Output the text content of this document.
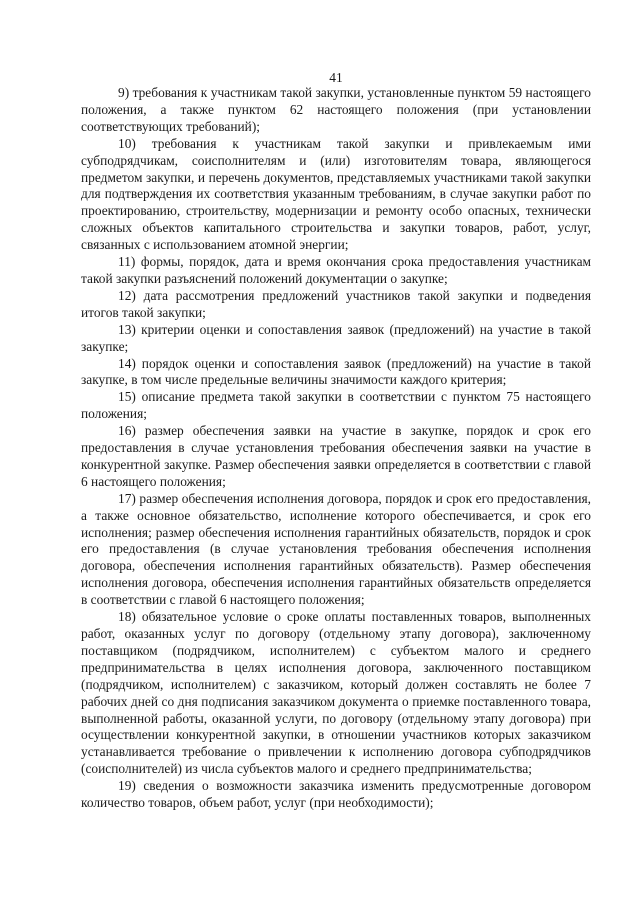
41

9) требования к участникам такой закупки, установленные пунктом 59 настоящего положения, а также пунктом 62 настоящего положения (при установлении соответствующих требований);

10) требования к участникам такой закупки и привлекаемым ими субподрядчикам, соисполнителям и (или) изготовителям товара, являющегося предметом закупки, и перечень документов, представляемых участниками такой закупки для подтверждения их соответствия указанным требованиям, в случае закупки работ по проектированию, строительству, модернизации и ремонту особо опасных, технически сложных объектов капитального строительства и закупки товаров, работ, услуг, связанных с использованием атомной энергии;

11) формы, порядок, дата и время окончания срока предоставления участникам такой закупки разъяснений положений документации о закупке;

12) дата рассмотрения предложений участников такой закупки и подведения итогов такой закупки;

13) критерии оценки и сопоставления заявок (предложений) на участие в такой закупке;

14) порядок оценки и сопоставления заявок (предложений) на участие в такой закупке, в том числе предельные величины значимости каждого критерия;

15) описание предмета такой закупки в соответствии с пунктом 75 настоящего положения;

16) размер обеспечения заявки на участие в закупке, порядок и срок его предоставления в случае установления требования обеспечения заявки на участие в конкурентной закупке. Размер обеспечения заявки определяется в соответствии с главой 6 настоящего положения;

17) размер обеспечения исполнения договора, порядок и срок его предоставления, а также основное обязательство, исполнение которого обеспечивается, и срок его исполнения; размер обеспечения исполнения гарантийных обязательств, порядок и срок его предоставления (в случае установления требования обеспечения исполнения договора, обеспечения исполнения гарантийных обязательств). Размер обеспечения исполнения договора, обеспечения исполнения гарантийных обязательств определяется в соответствии с главой 6 настоящего положения;

18) обязательное условие о сроке оплаты поставленных товаров, выполненных работ, оказанных услуг по договору (отдельному этапу договора), заключенному поставщиком (подрядчиком, исполнителем) с субъектом малого и среднего предпринимательства в целях исполнения договора, заключенного поставщиком (подрядчиком, исполнителем) с заказчиком, который должен составлять не более 7 рабочих дней со дня подписания заказчиком документа о приемке поставленного товара, выполненной работы, оказанной услуги, по договору (отдельному этапу договора) при осуществлении конкурентной закупки, в отношении участников которых заказчиком устанавливается требование о привлечении к исполнению договора субподрядчиков (соисполнителей) из числа субъектов малого и среднего предпринимательства;

19) сведения о возможности заказчика изменить предусмотренные договором количество товаров, объем работ, услуг (при необходимости);
